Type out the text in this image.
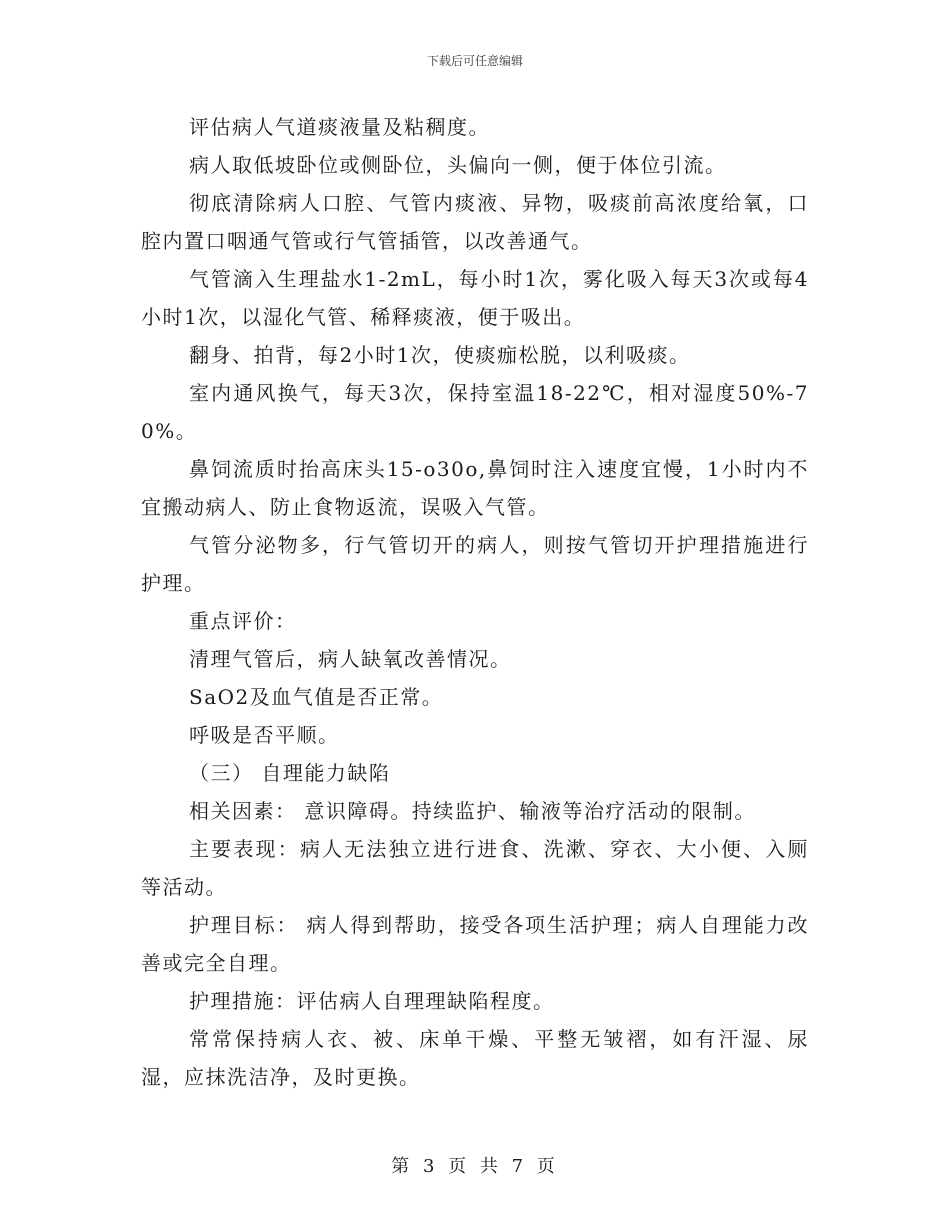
下载后可任意编辑

评估病人气道痰液量及粘稠度。

病人取低坡卧位或侧卧位，头偏向一侧，便于体位引流。

彻底清除病人口腔、气管内痰液、异物，吸痰前高浓度给氧，口腔内置口咽通气管或行气管插管，以改善通气。

气管滴入生理盐水1-2mL，每小时1次，雾化吸入每天3次或每4小时1次，以湿化气管、稀释痰液，便于吸出。

翻身、拍背，每2小时1次，使痰痂松脱，以利吸痰。

室内通风换气，每天3次，保持室温18-22℃，相对湿度50%-70%。

鼻饲流质时抬高床头15-o30o,鼻饲时注入速度宜慢，1小时内不宜搬动病人、防止食物返流，误吸入气管。

气管分泌物多，行气管切开的病人，则按气管切开护理措施进行护理。

重点评价：

清理气管后，病人缺氧改善情况。

SaO2及血气值是否正常。

呼吸是否平顺。

（三） 自理能力缺陷

相关因素： 意识障碍。持续监护、输液等治疗活动的限制。

主要表现：病人无法独立进行进食、洗漱、穿衣、大小便、入厕等活动。

护理目标： 病人得到帮助，接受各项生活护理；病人自理能力改善或完全自理。

护理措施：评估病人自理理缺陷程度。

常常保持病人衣、被、床单干燥、平整无皱褶，如有汗湿、尿湿，应抹洗洁净，及时更换。

第 3 页 共 7 页
